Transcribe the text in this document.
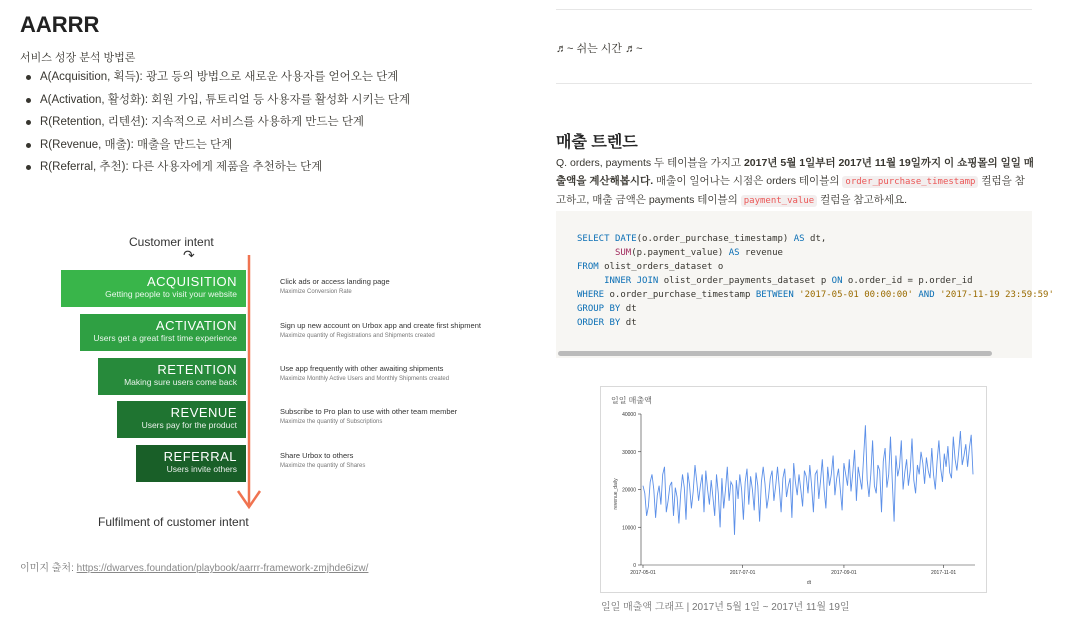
AARRR
서비스 성장 분석 방법론
A(Acquisition, 획득): 광고 등의 방법으로 새로운 사용자를 얻어오는 단계
A(Activation, 활성화): 회원 가입, 튜토리얼 등 사용자를 활성화 시키는 단계
R(Retention, 리텐션): 지속적으로 서비스를 사용하게 만드는 단계
R(Revenue, 매출): 매출을 만드는 단계
R(Referral, 추천): 다른 사용자에게 제품을 추천하는 단계
Customer intent
↷
ACQUISITION
Getting people to visit your website
ACTIVATION
Users get a great first time experience
RETENTION
Making sure users come back
REVENUE
Users pay for the product
REFERRAL
Users invite others
Click ads or access landing page
Maximize Conversion Rate
Sign up new account on Urbox app and create first shipment
Maximize quantity of Registrations and Shipments created
Use app frequently with other awaiting shipments
Maximize Monthly Active Users and Monthly Shipments created
Subscribe to Pro plan to use with other team member
Maximize the quantity of Subscriptions
Share Urbox to others
Maximize the quantity of Shares
Fulfilment of customer intent
이미지 출처: https://dwarves.foundation/playbook/aarrr-framework-zmjhde6izw/
♬~ 쉬는 시간 ♬~
매출 트렌드
Q. orders, payments 두 테이블을 가지고 2017년 5월 1일부터 2017년 11월 19일까지 이 쇼핑몰의 일일 매출액을 계산해봅시다. 매출이 일어나는 시점은 orders 테이블의 order_purchase_timestamp 컬럼을 참고하고, 매출 금액은 payments 테이블의 payment_value 컬럼을 참고하세요.
SELECT DATE(o.order_purchase_timestamp) AS dt,
SUM(p.payment_value) AS revenue
FROM olist_orders_dataset o
INNER JOIN olist_order_payments_dataset p ON o.order_id = p.order_id
WHERE o.order_purchase_timestamp BETWEEN '2017-05-01 00:00:00' AND '2017-11-19 23:59:59'
GROUP BY dt
ORDER BY dt
일일 매출액
revenue_daily
dt
0
10000
20000
30000
40000
2017-05-01	2017-07-01	2017-09-01	2017-11-01
일일 매출액 그래프 | 2017년 5월 1일 ~ 2017년 11월 19일
